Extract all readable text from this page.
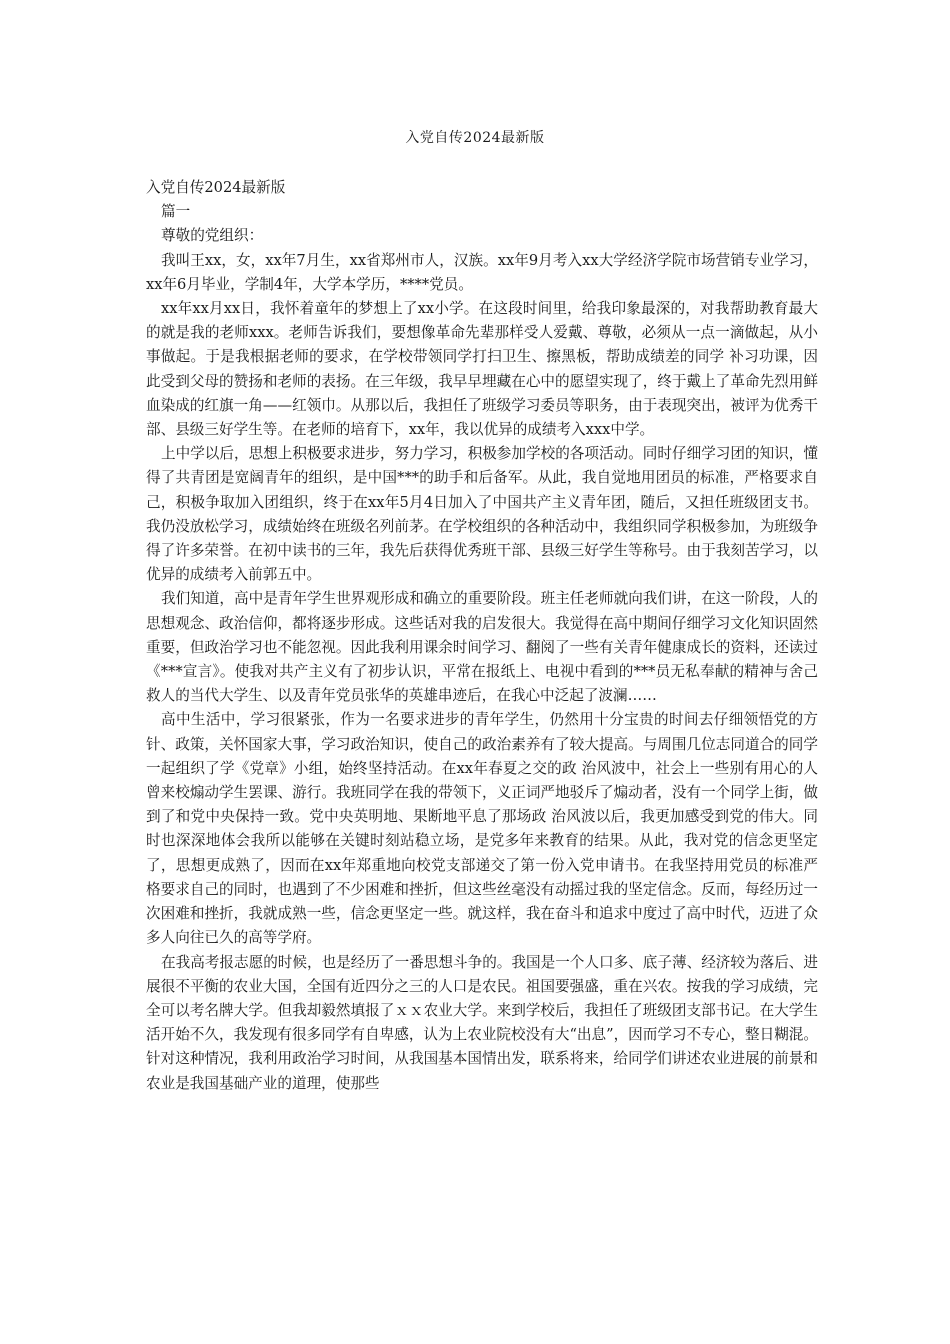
入党自传2024最新版

入党自传2024最新版

篇一

尊敬的党组织：

我叫王xx，女，xx年7月生，xx省郑州市人，汉族。xx年9月考入xx大学经济学院市场营销专业学习，xx年6月毕业，学制4年，大学本学历，****党员。

xx年xx月xx日，我怀着童年的梦想上了xx小学。在这段时间里，给我印象最深的，对我帮助教育最大的就是我的老师xxx。老师告诉我们，要想像革命先辈那样受人爱戴、尊敬，必须从一点一滴做起，从小事做起。于是我根据老师的要求，在学校带领同学打扫卫生、擦黑板，帮助成绩差的同学 补习功课，因此受到父母的赞扬和老师的表扬。在三年级，我早早埋藏在心中的愿望实现了，终于戴上了革命先烈用鲜血染成的红旗一角——红领巾。从那以后，我担任了班级学习委员等职务，由于表现突出，被评为优秀干部、县级三好学生等。在老师的培育下，xx年，我以优异的成绩考入xxx中学。

上中学以后，思想上积极要求进步，努力学习，积极参加学校的各项活动。同时仔细学习团的知识，懂得了共青团是宽阔青年的组织，是中国***的助手和后备军。从此，我自觉地用团员的标准，严格要求自己，积极争取加入团组织，终于在xx年5月4日加入了中国共产主义青年团，随后，又担任班级团支书。我仍没放松学习，成绩始终在班级名列前茅。在学校组织的各种活动中，我组织同学积极参加，为班级争得了许多荣誉。在初中读书的三年，我先后获得优秀班干部、县级三好学生等称号。由于我刻苦学习，以优异的成绩考入前郭五中。

我们知道，高中是青年学生世界观形成和确立的重要阶段。班主任老师就向我们讲，在这一阶段，人的思想观念、政治信仰，都将逐步形成。这些话对我的启发很大。我觉得在高中期间仔细学习文化知识固然重要，但政治学习也不能忽视。因此我利用课余时间学习、翻阅了一些有关青年健康成长的资料，还读过《***宣言》。使我对共产主义有了初步认识，平常在报纸上、电视中看到的***员无私奉献的精神与舍己救人的当代大学生、以及青年党员张华的英雄串迹后，在我心中泛起了波澜……

高中生活中，学习很紧张，作为一名要求进步的青年学生，仍然用十分宝贵的时间去仔细领悟党的方针、政策，关怀国家大事，学习政治知识，使自己的政治素养有了较大提高。与周围几位志同道合的同学一起组织了学《党章》小组，始终坚持活动。在xx年春夏之交的政 治风波中，社会上一些别有用心的人曾来校煽动学生罢课、游行。我班同学在我的带领下，义正词严地驳斥了煽动者，没有一个同学上街，做到了和党中央保持一致。党中央英明地、果断地平息了那场政 治风波以后，我更加感受到党的伟大。同时也深深地体会我所以能够在关键时刻站稳立场，是党多年来教育的结果。从此，我对党的信念更坚定了，思想更成熟了，因而在xx年郑重地向校党支部递交了第一份入党申请书。在我坚持用党员的标准严格要求自己的同时，也遇到了不少困难和挫折，但这些丝毫没有动摇过我的坚定信念。反而，每经历过一次困难和挫折，我就成熟一些，信念更坚定一些。就这样，我在奋斗和追求中度过了高中时代，迈进了众多人向往已久的高等学府。

在我高考报志愿的时候，也是经历了一番思想斗争的。我国是一个人口多、底子薄、经济较为落后、进展很不平衡的农业大国，全国有近四分之三的人口是农民。祖国要强盛，重在兴农。按我的学习成绩，完全可以考名牌大学。但我却毅然填报了ｘｘ农业大学。来到学校后，我担任了班级团支部书记。在大学生活开始不久，我发现有很多同学有自卑感，认为上农业院校没有大“出息”，因而学习不专心，整日糊混。针对这种情况，我利用政治学习时间，从我国基本国情出发，联系将来，给同学们讲述农业进展的前景和农业是我国基础产业的道理，使那些
